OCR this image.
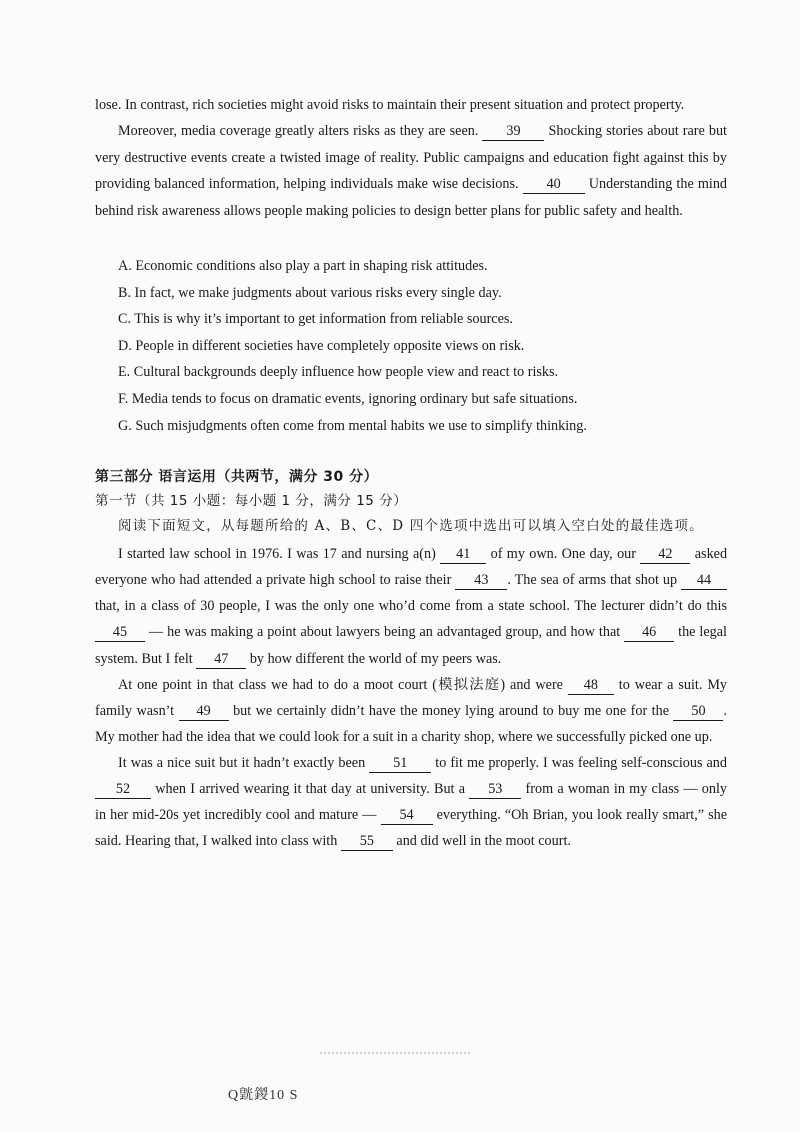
lose. In contrast, rich societies might avoid risks to maintain their present situation and protect property.

Moreover, media coverage greatly alters risks as they are seen. 39 Shocking stories about rare but very destructive events create a twisted image of reality. Public campaigns and education fight against this by providing balanced information, helping individuals make wise decisions. 40 Understanding the mind behind risk awareness allows people making policies to design better plans for public safety and health.

A. Economic conditions also play a part in shaping risk attitudes.

B. In fact, we make judgments about various risks every single day.

C. This is why it’s important to get information from reliable sources.

D. People in different societies have completely opposite views on risk.

E. Cultural backgrounds deeply influence how people view and react to risks.

F. Media tends to focus on dramatic events, ignoring ordinary but safe situations.

G. Such misjudgments often come from mental habits we use to simplify thinking.

第三部分 语言运用（共两节，满分 30 分）

第一节（共 15 小题：每小题 1 分，满分 15 分）

阅读下面短文，从每题所给的 A、B、C、D 四个选项中选出可以填入空白处的最佳选项。

I started law school in 1976. I was 17 and nursing a(n) 41 of my own. One day, our 42 asked everyone who had attended a private high school to raise their 43 . The sea of arms that shot up 44 that, in a class of 30 people, I was the only one who’d come from a state school. The lecturer didn’t do this 45 — he was making a point about lawyers being an advantaged group, and how that 46 the legal system. But I felt 47 by how different the world of my peers was.

At one point in that class we had to do a moot court (模拟法庭) and were 48 to wear a suit. My family wasn’t 49 but we certainly didn’t have the money lying around to buy me one for the 50 . My mother had the idea that we could look for a suit in a charity shop, where we successfully picked one up.

It was a nice suit but it hadn’t exactly been 51 to fit me properly. I was feeling self-conscious and 52 when I arrived wearing it that day at university. But a 53 from a woman in my class — only in her mid-20s yet incredibly cool and mature — 54 everything. “Oh Brian, you look really smart,” she said. Hearing that, I walked into class with 55 and did well in the moot court.

Q皝鍐10 S
